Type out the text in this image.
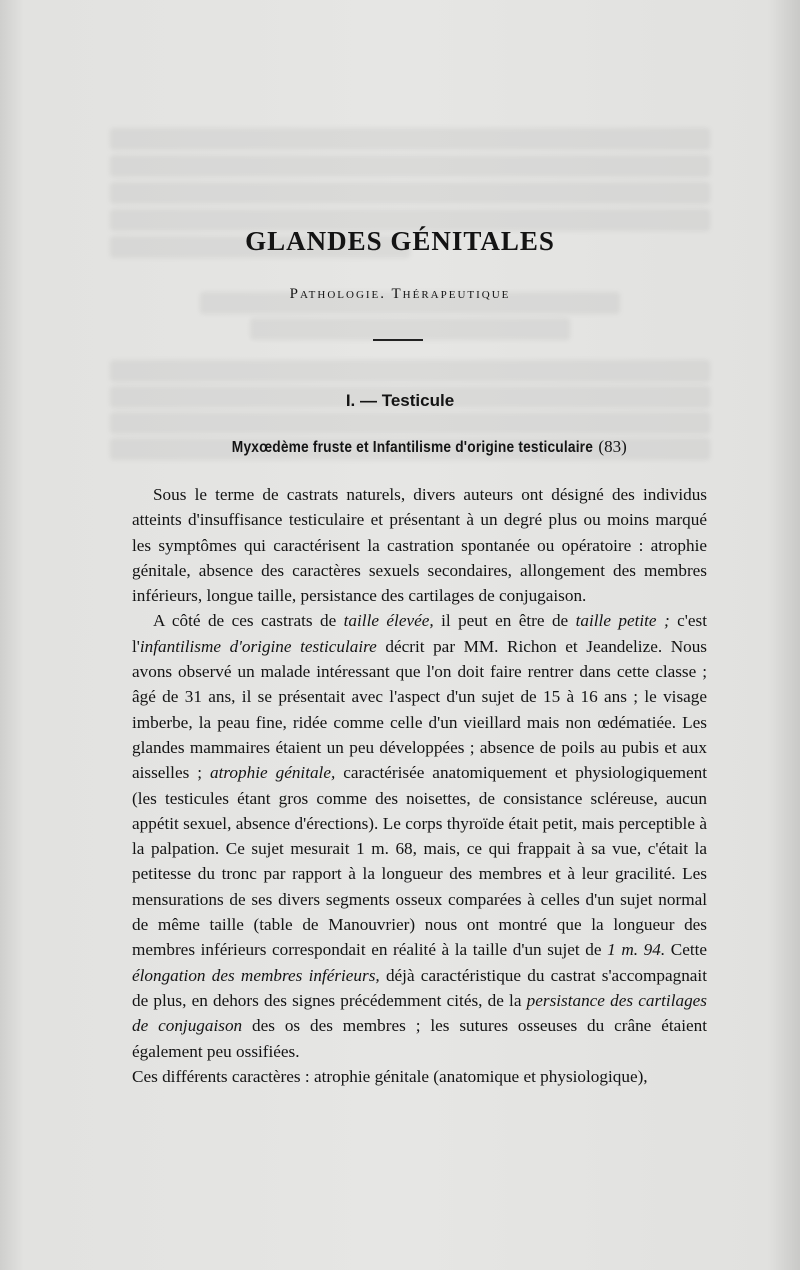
GLANDES GÉNITALES
Pathologie. Thérapeutique
I. — Testicule
Myxœdème fruste et Infantilisme d'origine testiculaire (83)

Sous le terme de castrats naturels, divers auteurs ont désigné des individus atteints d'insuffisance testiculaire et présentant à un degré plus ou moins marqué les symptômes qui caractérisent la castration spontanée ou opératoire : atrophie génitale, absence des caractères sexuels secondaires, allongement des membres inférieurs, longue taille, persistance des cartilages de conjugaison.

A côté de ces castrats de taille élevée, il peut en être de taille petite ; c'est l'infantilisme d'origine testiculaire décrit par MM. Richon et Jeandelize. Nous avons observé un malade intéressant que l'on doit faire rentrer dans cette classe ; âgé de 31 ans, il se présentait avec l'aspect d'un sujet de 15 à 16 ans ; le visage imberbe, la peau fine, ridée comme celle d'un vieillard mais non œdématiée. Les glandes mammaires étaient un peu développées ; absence de poils au pubis et aux aisselles ; atrophie génitale, caractérisée anatomiquement et physiologiquement (les testicules étant gros comme des noisettes, de consistance scléreuse, aucun appétit sexuel, absence d'érections). Le corps thyroïde était petit, mais perceptible à la palpation. Ce sujet mesurait 1 m. 68, mais, ce qui frappait à sa vue, c'était la petitesse du tronc par rapport à la longueur des membres et à leur gracilité. Les mensurations de ses divers segments osseux comparées à celles d'un sujet normal de même taille (table de Manouvrier) nous ont montré que la longueur des membres inférieurs correspondait en réalité à la taille d'un sujet de 1 m. 94. Cette élongation des membres inférieurs, déjà caractéristique du castrat s'accompagnait de plus, en dehors des signes précédemment cités, de la persistance des cartilages de conjugaison des os des membres ; les sutures osseuses du crâne étaient également peu ossifiées.

Ces différents caractères : atrophie génitale (anatomique et physiologique),
